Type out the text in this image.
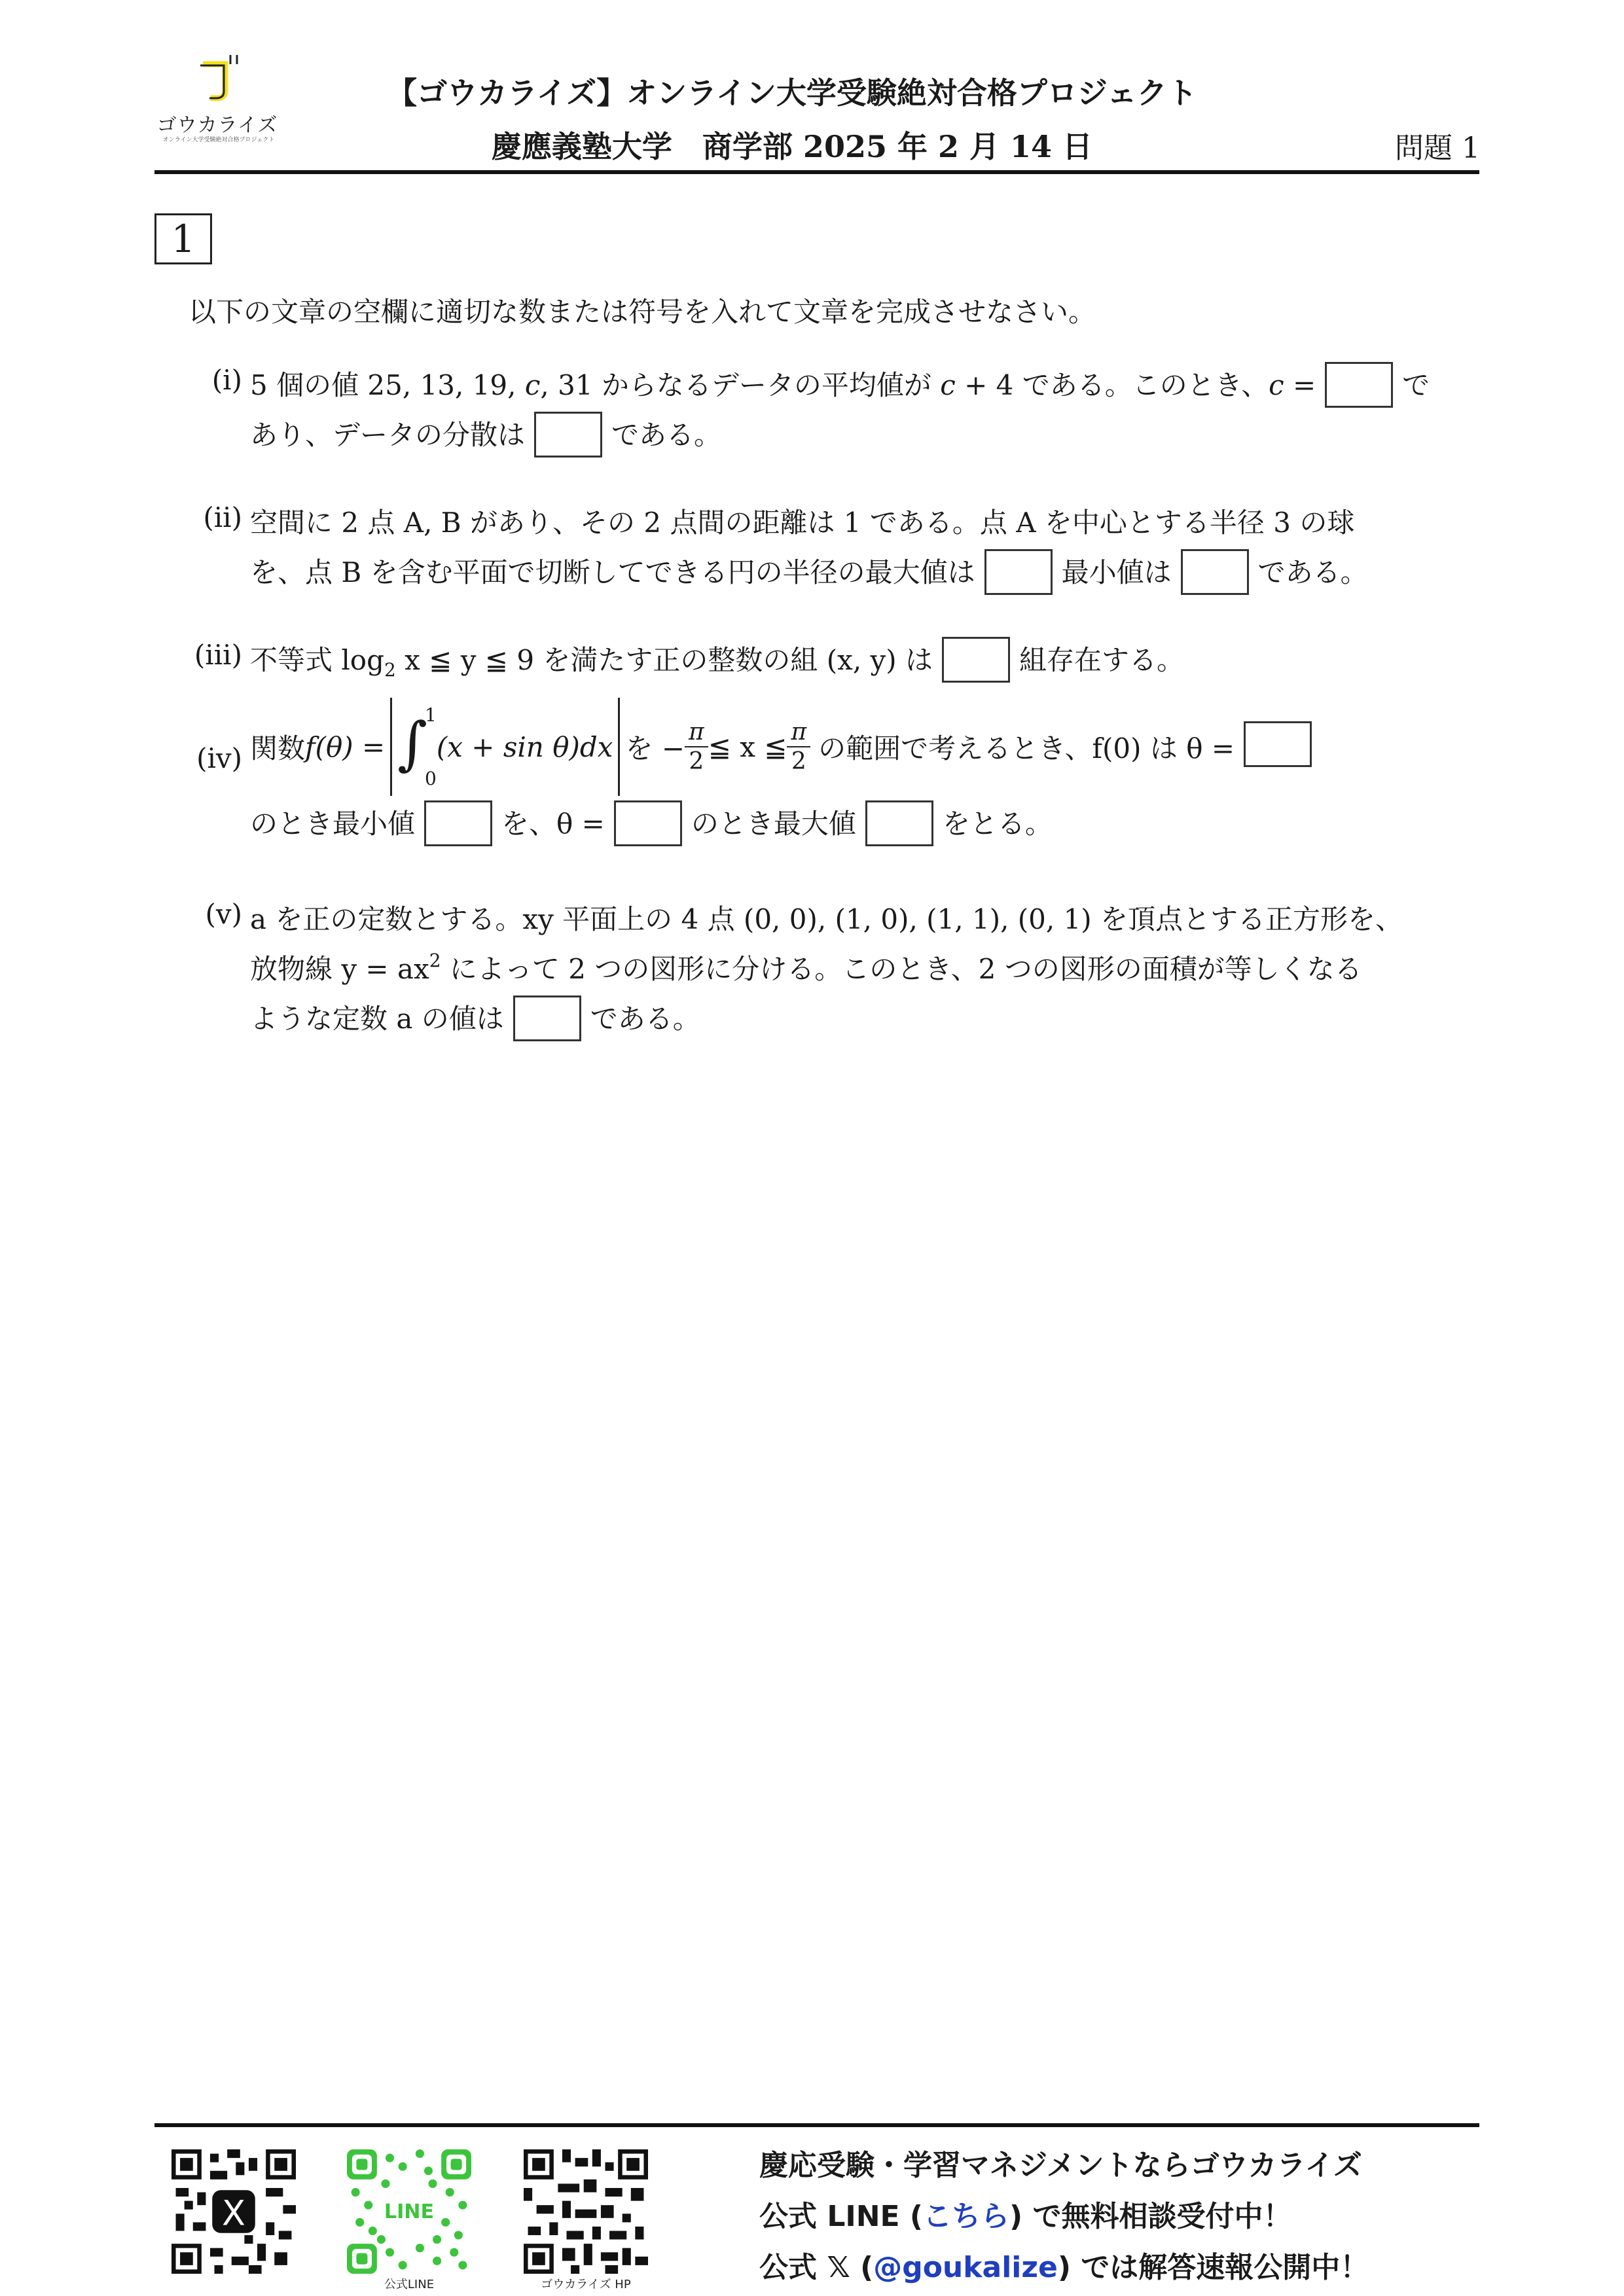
ゴウカライズ
オンライン大学受験絶対合格プロジェクト
【ゴウカライズ】オンライン大学受験絶対合格プロジェクト
慶應義塾大学　商学部 2025 年 2 月 14 日	問題 1
1
以下の文章の空欄に適切な数または符号を入れて文章を完成させなさい。
(i) 5 個の値 25, 13, 19, c, 31 からなるデータの平均値が c + 4 である。このとき、c =	で
あり、データの分散は	である。
(ii) 空間に 2 点 A, B があり、その 2 点間の距離は 1 である。点 A を中心とする半径 3 の球
を、点 B を含む平面で切断してできる円の半径の最大値は	最小値は	である。
(iii) 不等式 $\log_2 x$ ≦ y ≦ 9 を満たす正の整数の組 (x, y) は	組存在する。
(iv) 関数 f(θ) = ∫
1
0
(x + sin θ)dx を − $\frac{\pi}{2}$ ≦ x ≦ $\frac{\pi}{2}$ の範囲で考えるとき、f(0) は θ =
のとき最小値	を、θ =	のとき最大値	をとる。
(v) a を正の定数とする。xy 平面上の 4 点 (0, 0), (1, 0), (1, 1), (0, 1) を頂点とする正方形を、
放物線 $y = ax^2$ によって 2 つの図形に分ける。このとき、2 つの図形の面積が等しくなる
ような定数 a の値は	である。
X	LINE
公式LINE	ゴウカライズ HP
慶応受験・学習マネジメントならゴウカライズ
公式 LINE (こちら) で無料相談受付中！
公式 𝕏 (@goukalize) では解答速報公開中！
